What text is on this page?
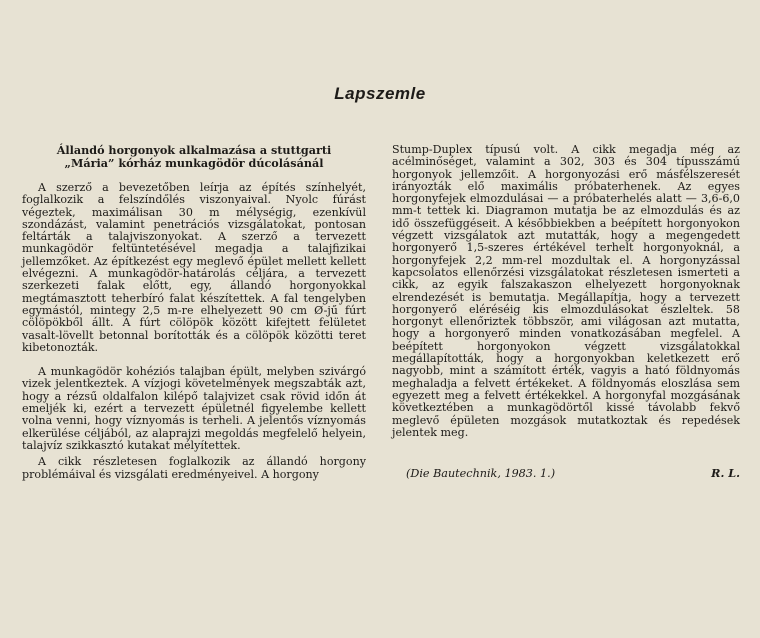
Lapszemle
Állandó horgonyok alkalmazása a stuttgarti
„Mária” kórház munkagödör dúcolásánál

A szerző a bevezetőben leírja az építés színhelyét, foglalkozik a felszíndőlés viszonyaival. Nyolc fúrást végeztek, maximálisan 30 m mélységig, ezenkívül szondázást, valamint penetrációs vizsgálatokat, pontosan feltárták a talajviszonyokat. A szerző a tervezett munkagödör feltüntetésével megadja a talajfizikai jellemzőket. Az építkezést egy meglevő épület mellett kellett elvégezni. A munkagödör-határolás céljára, a tervezett szerkezeti falak előtt, egy, állandó horgonyokkal megtámasztott teherbíró falat készítettek. A fal tengelyben egymástól, mintegy 2,5 m-re elhelyezett 90 cm Ø-jű fúrt cölöpökből állt. A fúrt cölöpök között kifejtett felületet vasalt-lövellt betonnal borították és a cölöpök közötti teret kibetonozták.

A munkagödör kohéziós talajban épült, melyben szivárgó vizek jelentkeztek. A vízjogi követelmények megszabták azt, hogy a rézsű oldalfalon kilépő talajvizet csak rövid időn át emeljék ki, ezért a tervezett épületnél figyelembe kellett volna venni, hogy víznyomás is terheli. A jelentős víznyomás elkerülése céljából, az alaprajzi megoldás megfelelő helyein, talajvíz szikkasztó kutakat mélyítettek.

A cikk részletesen foglalkozik az állandó horgony problémáival és vizsgálati eredményeivel. A horgony

Stump-Duplex típusú volt. A cikk megadja még az acélminőséget, valamint a 302, 303 és 304 típusszámú horgonyok jellemzőit. A horgonyozási erő másfélszeresét irányozták elő maximális próbaterhenek. Az egyes horgonyfejek elmozdulásai — a próbaterhelés alatt — 3,6-6,0 mm-t tettek ki. Diagramon mutatja be az elmozdulás és az idő összefüggéseit. A későbbiekben a beépített horgonyokon végzett vizsgálatok azt mutatták, hogy a megengedett horgonyerő 1,5-szeres értékével terhelt horgonyoknál, a horgonyfejek 2,2 mm-rel mozdultak el. A horgonyzással kapcsolatos ellenőrzési vizsgálatokat részletesen ismerteti a cikk, az egyik falszakaszon elhelyezett horgonyoknak elrendezését is bemutatja. Megállapítja, hogy a tervezett horgonyerő eléréséig kis elmozdulásokat észleltek. 58 horgonyt ellenőriztek többször, ami világosan azt mutatta, hogy a horgonyerő minden vonatkozásában megfelel. A beépített horgonyokon végzett vizsgálatokkal megállapították, hogy a horgonyokban keletkezett erő nagyobb, mint a számított érték, vagyis a ható földnyomás meghaladja a felvett értékeket. A földnyomás eloszlása sem egyezett meg a felvett értékekkel. A horgonyfal mozgásának következtében a munkagödörtől kissé távolabb fekvő meglevő épületen mozgások mutatkoztak és repedések jelentek meg.

(Die Bautechnik, 1983. 1.)	R. L.
